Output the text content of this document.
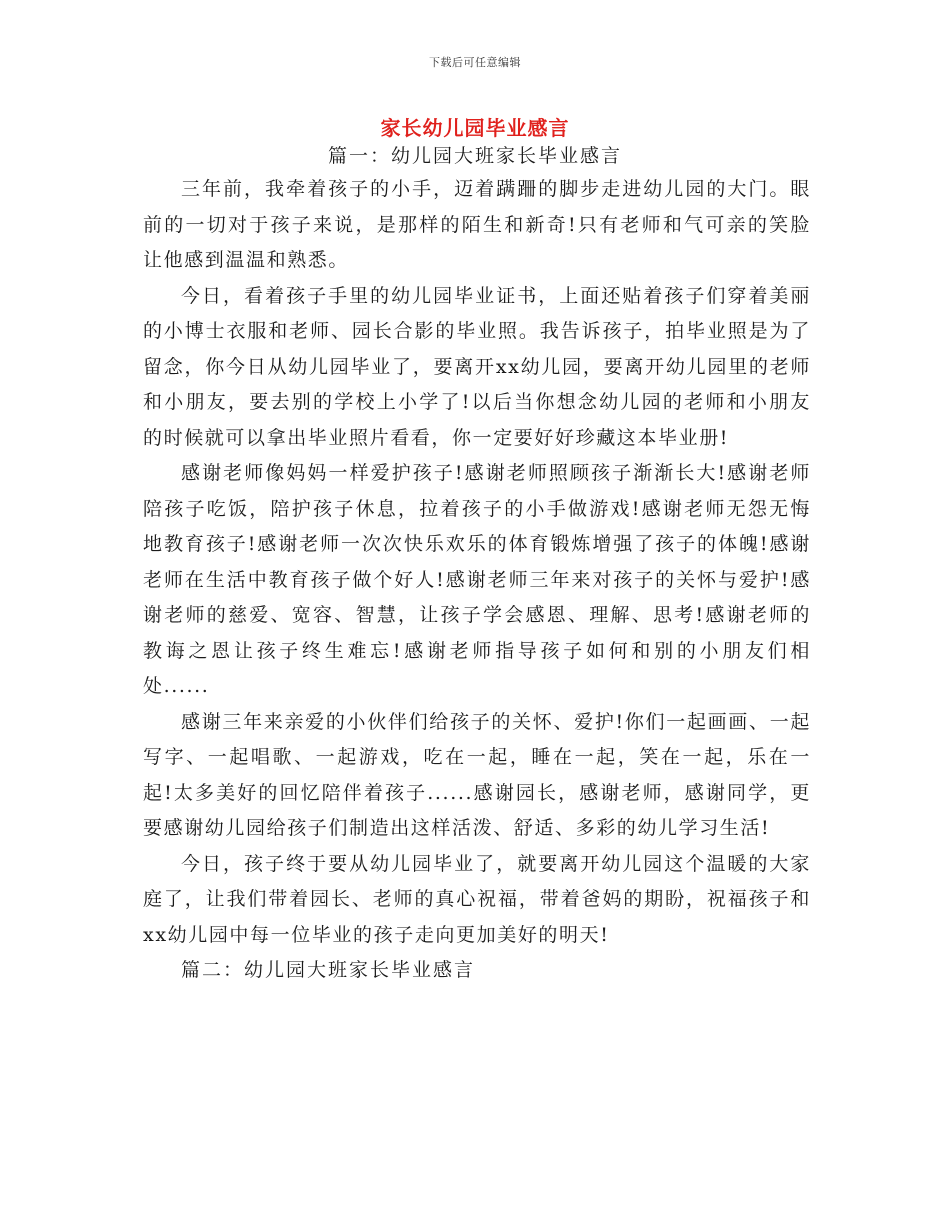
下载后可任意编辑
家长幼儿园毕业感言
篇一：幼儿园大班家长毕业感言

三年前，我牵着孩子的小手，迈着蹒跚的脚步走进幼儿园的大门。眼前的一切对于孩子来说，是那样的陌生和新奇!只有老师和气可亲的笑脸让他感到温温和熟悉。

今日，看着孩子手里的幼儿园毕业证书，上面还贴着孩子们穿着美丽的小博士衣服和老师、园长合影的毕业照。我告诉孩子，拍毕业照是为了留念，你今日从幼儿园毕业了，要离开xx幼儿园，要离开幼儿园里的老师和小朋友，要去别的学校上小学了!以后当你想念幼儿园的老师和小朋友的时候就可以拿出毕业照片看看，你一定要好好珍藏这本毕业册!

感谢老师像妈妈一样爱护孩子!感谢老师照顾孩子渐渐长大!感谢老师陪孩子吃饭，陪护孩子休息，拉着孩子的小手做游戏!感谢老师无怨无悔地教育孩子!感谢老师一次次快乐欢乐的体育锻炼增强了孩子的体魄!感谢老师在生活中教育孩子做个好人!感谢老师三年来对孩子的关怀与爱护!感谢老师的慈爱、宽容、智慧，让孩子学会感恩、理解、思考!感谢老师的教诲之恩让孩子终生难忘!感谢老师指导孩子如何和别的小朋友们相处......

感谢三年来亲爱的小伙伴们给孩子的关怀、爱护!你们一起画画、一起写字、一起唱歌、一起游戏，吃在一起，睡在一起，笑在一起，乐在一起!太多美好的回忆陪伴着孩子......感谢园长，感谢老师，感谢同学，更要感谢幼儿园给孩子们制造出这样活泼、舒适、多彩的幼儿学习生活!

今日，孩子终于要从幼儿园毕业了，就要离开幼儿园这个温暖的大家庭了，让我们带着园长、老师的真心祝福，带着爸妈的期盼，祝福孩子和xx幼儿园中每一位毕业的孩子走向更加美好的明天!

篇二：幼儿园大班家长毕业感言
